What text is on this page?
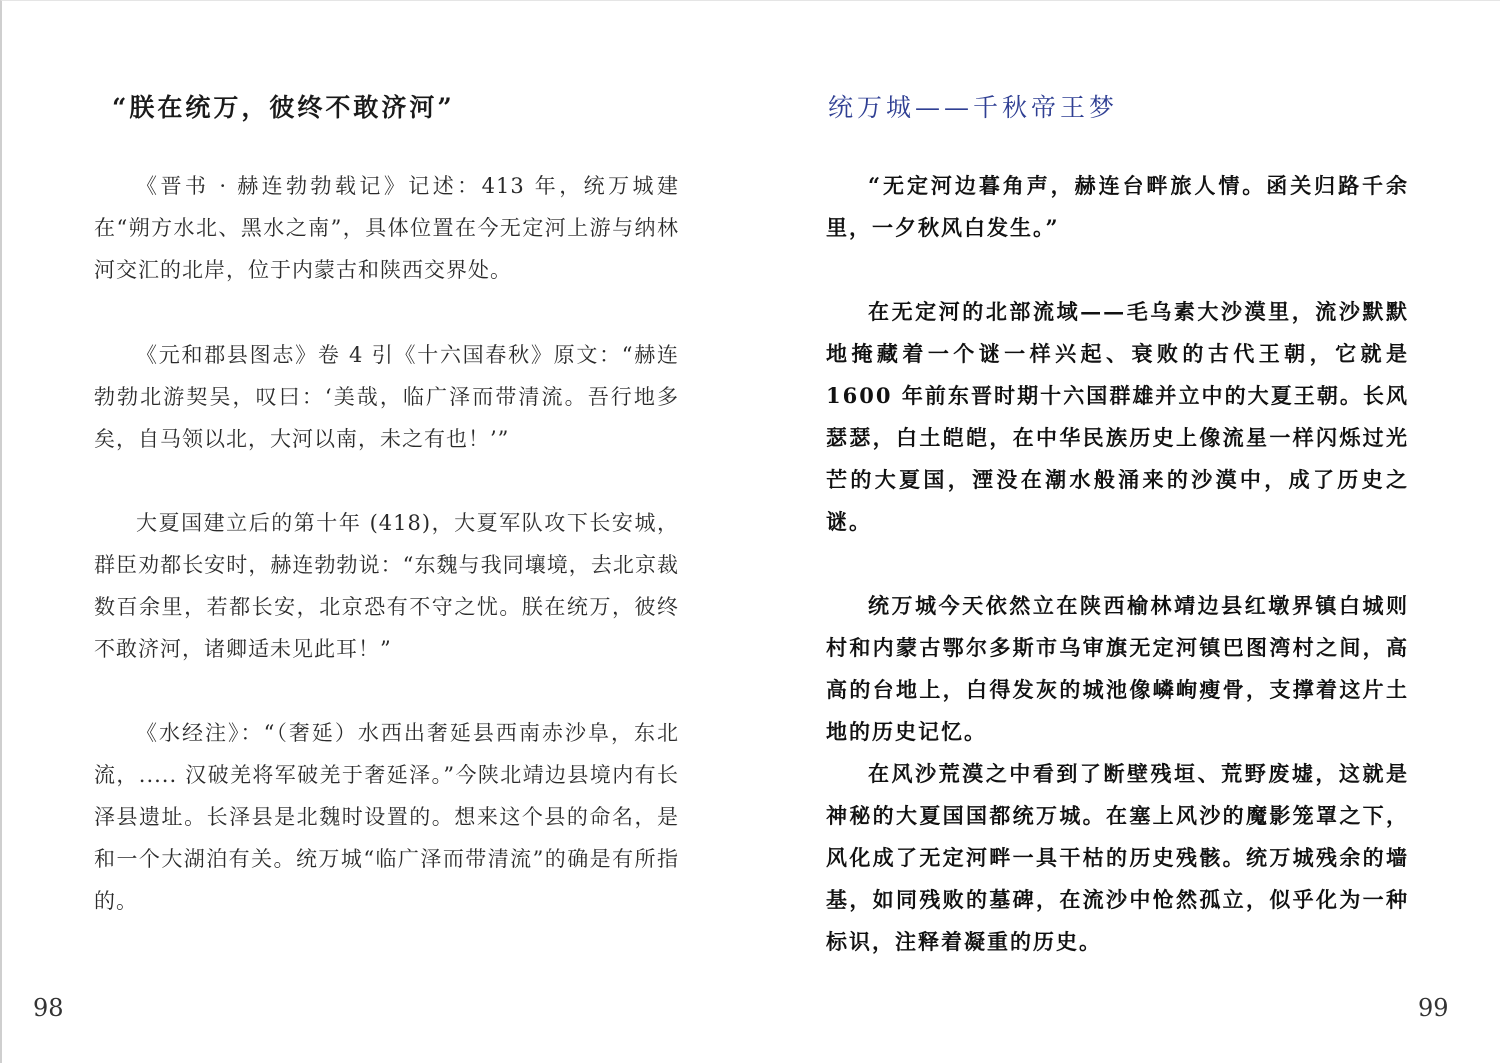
“朕在统万，彼终不敢济河”

《晋书 · 赫连勃勃载记》记述：413 年，统万城建在“朔方水北、黑水之南”，具体位置在今无定河上游与纳林河交汇的北岸，位于内蒙古和陕西交界处。

《元和郡县图志》卷 4 引《十六国春秋》原文：“赫连勃勃北游契吴，叹曰：‘美哉，临广泽而带清流。吾行地多矣，自马领以北，大河以南，未之有也！’”

大夏国建立后的第十年 (418)，大夏军队攻下长安城，群臣劝都长安时，赫连勃勃说：“东魏与我同壤境，去北京裁数百余里，若都长安，北京恐有不守之忧。朕在统万，彼终不敢济河，诸卿适未见此耳！”

《水经注》：“（奢延）水西出奢延县西南赤沙阜，东北流，..... 汉破羌将军破羌于奢延泽。”今陕北靖边县境内有长泽县遗址。长泽县是北魏时设置的。想来这个县的命名，是和一个大湖泊有关。统万城“临广泽而带清流”的确是有所指的。

98
统万城——千秋帝王梦

“无定河边暮角声，赫连台畔旅人情。函关归路千余里，一夕秋风白发生。”

在无定河的北部流域——毛乌素大沙漠里，流沙默默地掩藏着一个谜一样兴起、衰败的古代王朝，它就是 1600 年前东晋时期十六国群雄并立中的大夏王朝。长风瑟瑟，白土皑皑，在中华民族历史上像流星一样闪烁过光芒的大夏国，湮没在潮水般涌来的沙漠中，成了历史之谜。

统万城今天依然立在陕西榆林靖边县红墩界镇白城则村和内蒙古鄂尔多斯市乌审旗无定河镇巴图湾村之间，高高的台地上，白得发灰的城池像嶙峋瘦骨，支撑着这片土地的历史记忆。

在风沙荒漠之中看到了断壁残垣、荒野废墟，这就是神秘的大夏国国都统万城。在塞上风沙的魔影笼罩之下，风化成了无定河畔一具干枯的历史残骸。统万城残余的墙基，如同残败的墓碑，在流沙中怆然孤立，似乎化为一种标识，注释着凝重的历史。

99
